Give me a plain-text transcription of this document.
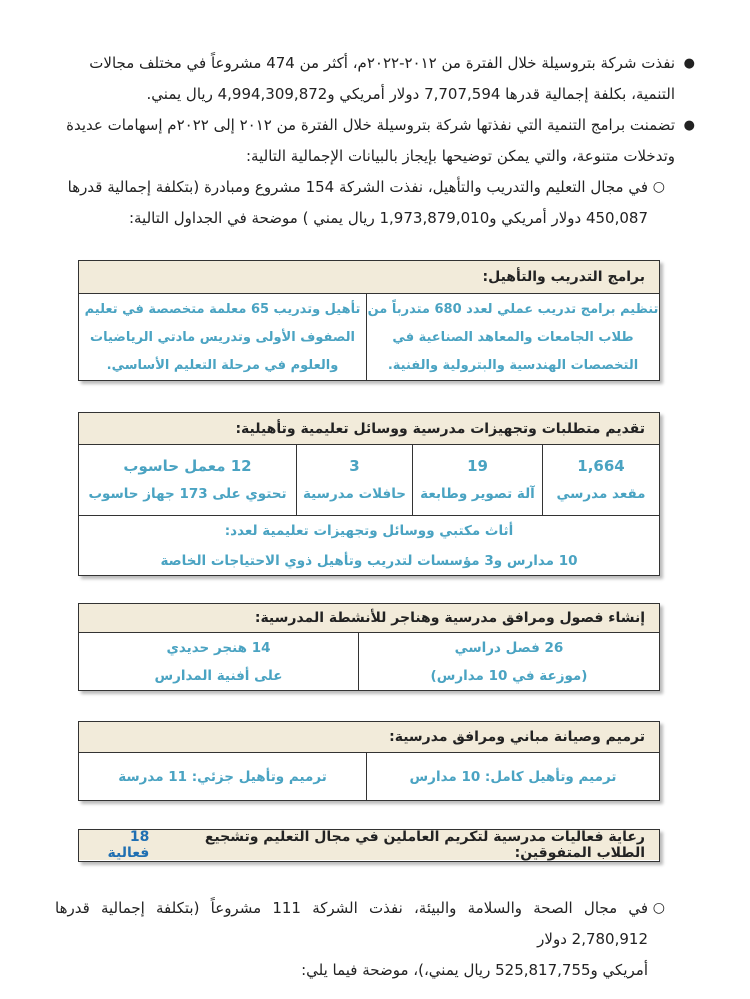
●

نفذت شركة بتروسيلة خلال الفترة من ٢٠١٢-٢٠٢٢م، أكثر من 474 مشروعاً في مختلف مجالات

التنمية، بكلفة إجمالية قدرها 7,707,594 دولار أمريكي و4,994,309,872 ريال يمني.

●

تضمنت برامج التنمية التي نفذتها شركة بتروسيلة خلال الفترة من ٢٠١٢ إلى ٢٠٢٢م إسهامات عديدة

وتدخلات متنوعة، والتي يمكن توضيحها بإيجاز بالبيانات الإجمالية التالية:

○

في مجال التعليم والتدريب والتأهيل، نفذت الشركة 154 مشروع ومبادرة (بتكلفة إجمالية قدرها

450,087 دولار أمريكي و1,973,879,010 ريال يمني ) موضحة في الجداول التالية:

برامج التدريب والتأهيل:
تنظيم برامج تدريب عملي لعدد 680 متدرباً من
طلاب الجامعات والمعاهد الصناعية في
التخصصات الهندسية والبترولية والفنية.
تأهيل وتدريب 65 معلمة متخصصة في تعليم
الصفوف الأولى وتدريس مادتي الرياضيات
والعلوم في مرحلة التعليم الأساسي.
تقديم متطلبات وتجهيزات مدرسية ووسائل تعليمية وتأهيلية:
1,664
مقعد مدرسي
19
آلة تصوير وطابعة
3
حافلات مدرسية
12 معمل حاسوب
تحتوي على 173 جهاز حاسوب
أثاث مكتبي ووسائل وتجهيزات تعليمية لعدد:
10 مدارس و3 مؤسسات لتدريب وتأهيل ذوي الاحتياجات الخاصة
إنشاء فصول ومرافق مدرسية وهناجر للأنشطة المدرسية:
26 فصل دراسي
(موزعة في 10 مدارس)
14 هنجر حديدي
على أفنية المدارس
ترميم وصيانة مباني ومرافق مدرسية:
ترميم وتأهيل كامل: 10 مدارس
ترميم وتأهيل جزئي: 11 مدرسة
رعاية فعاليات مدرسية لتكريم العاملين في مجال التعليم وتشجيع الطلاب المتفوقين:
18 فعالية
○

في مجال الصحة والسلامة والبيئة، نفذت الشركة 111 مشروعاً (بتكلفة إجمالية قدرها 2,780,912 دولار

أمريكي و525,817,755 ريال يمني،)، موضحة فيما يلي:
